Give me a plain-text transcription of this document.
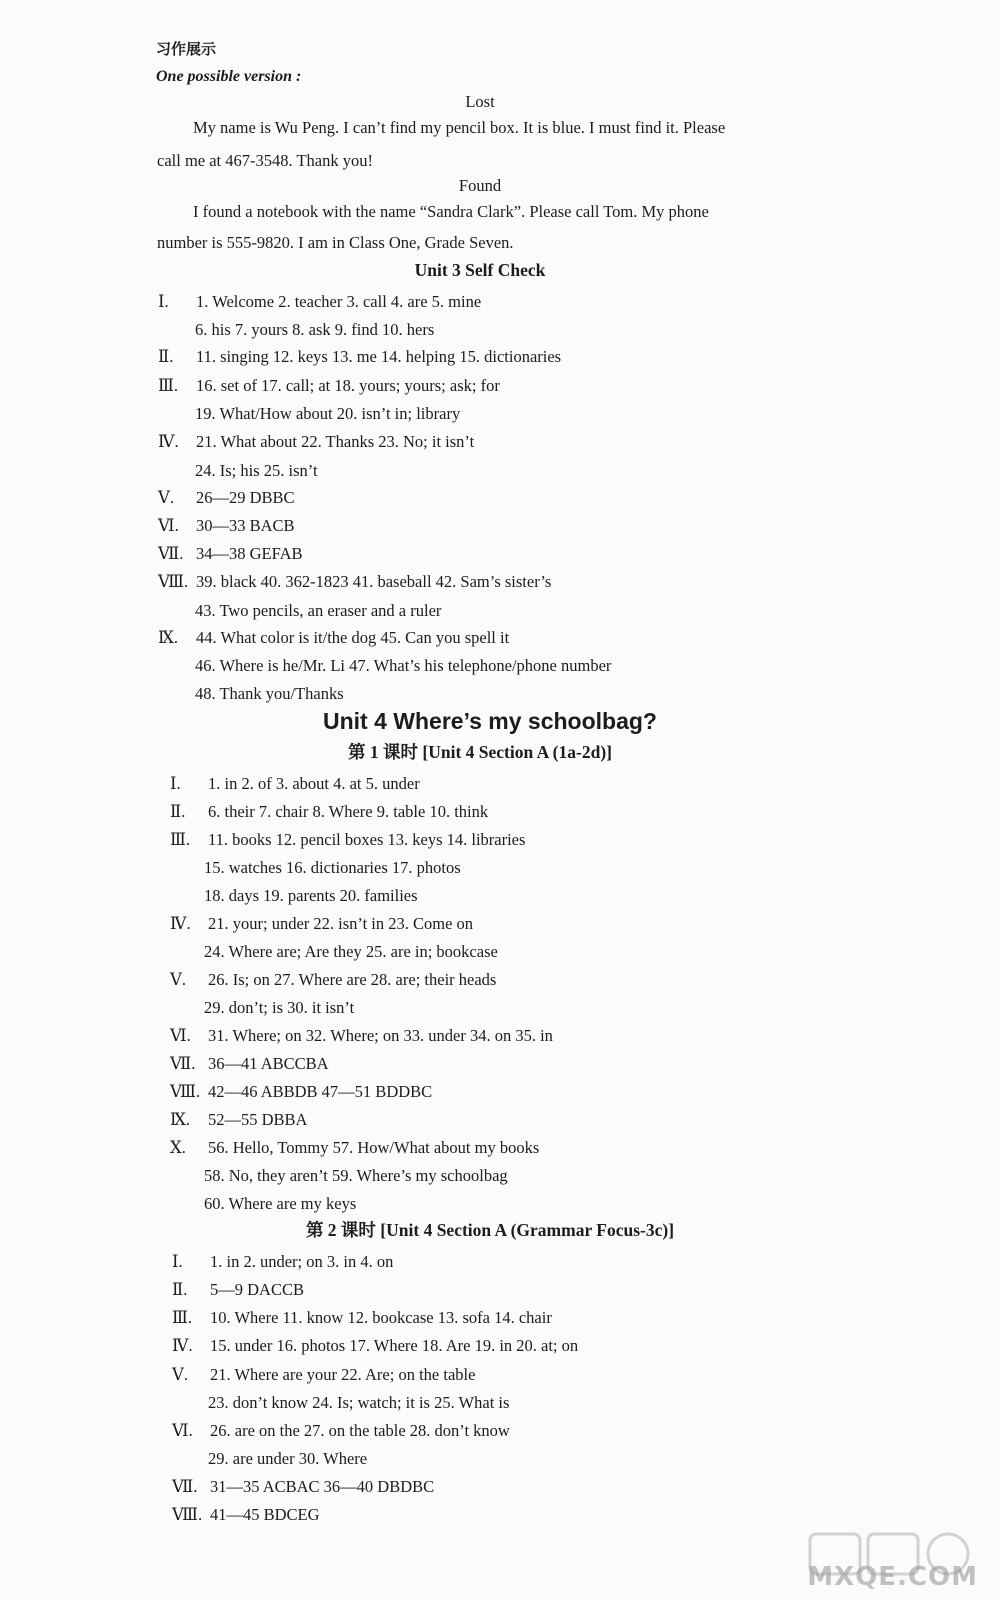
习作展示
One possible version :
Lost
My name is Wu Peng. I can’t find my pencil box. It is blue. I must find it. Please
call me at 467-3548. Thank you!
Found
I found a notebook with the name “Sandra Clark”. Please call Tom. My phone
number is 555-9820. I am in Class One, Grade Seven.
Unit 3 Self Check
Ⅰ. 1. Welcome 2. teacher 3. call 4. are 5. mine
6. his 7. yours 8. ask 9. find 10. hers
Ⅱ. 11. singing 12. keys 13. me 14. helping 15. dictionaries
Ⅲ. 16. set of 17. call; at 18. yours; yours; ask; for
19. What/How about 20. isn’t in; library
Ⅳ. 21. What about 22. Thanks 23. No; it isn’t
24. Is; his 25. isn’t
Ⅴ. 26—29 DBBC
Ⅵ. 30—33 BACB
Ⅶ. 34—38 GEFAB
Ⅷ. 39. black 40. 362-1823 41. baseball 42. Sam’s sister’s
43. Two pencils, an eraser and a ruler
Ⅸ. 44. What color is it/the dog 45. Can you spell it
46. Where is he/Mr. Li 47. What’s his telephone/phone number
48. Thank you/Thanks
Unit 4 Where’s my schoolbag?
第 1 课时 [Unit 4 Section A (1a-2d)]
Ⅰ. 1. in 2. of 3. about 4. at 5. under
Ⅱ. 6. their 7. chair 8. Where 9. table 10. think
Ⅲ. 11. books 12. pencil boxes 13. keys 14. libraries
15. watches 16. dictionaries 17. photos
18. days 19. parents 20. families
Ⅳ. 21. your; under 22. isn’t in 23. Come on
24. Where are; Are they 25. are in; bookcase
Ⅴ. 26. Is; on 27. Where are 28. are; their heads
29. don’t; is 30. it isn’t
Ⅵ. 31. Where; on 32. Where; on 33. under 34. on 35. in
Ⅶ. 36—41 ABCCBA
Ⅷ. 42—46 ABBDB 47—51 BDDBC
Ⅸ. 52—55 DBBA
Ⅹ. 56. Hello, Tommy 57. How/What about my books
58. No, they aren’t 59. Where’s my schoolbag
60. Where are my keys
第 2 课时 [Unit 4 Section A (Grammar Focus-3c)]
Ⅰ. 1. in 2. under; on 3. in 4. on
Ⅱ. 5—9 DACCB
Ⅲ. 10. Where 11. know 12. bookcase 13. sofa 14. chair
Ⅳ. 15. under 16. photos 17. Where 18. Are 19. in 20. at; on
Ⅴ. 21. Where are your 22. Are; on the table
23. don’t know 24. Is; watch; it is 25. What is
Ⅵ. 26. are on the 27. on the table 28. don’t know
29. are under 30. Where
Ⅶ. 31—35 ACBAC 36—40 DBDBC
Ⅷ. 41—45 BDCEG
MXQE.COM
